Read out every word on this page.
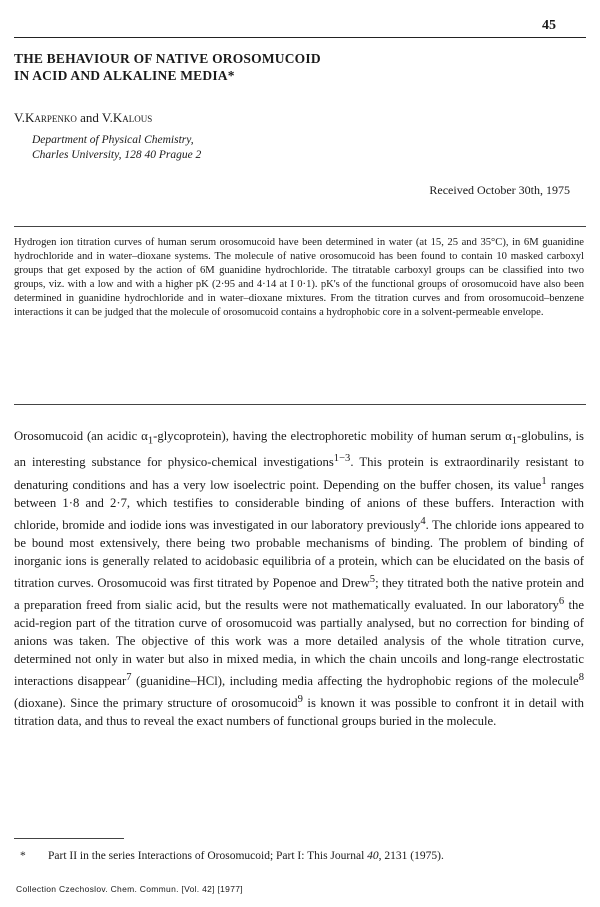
45
THE BEHAVIOUR OF NATIVE OROSOMUCOID
IN ACID AND ALKALINE MEDIA*
V.Karpenko and V.Kalous
Department of Physical Chemistry,
Charles University, 128 40 Prague 2
Received October 30th, 1975

Hydrogen ion titration curves of human serum orosomucoid have been determined in water (at 15, 25 and 35°C), in 6M guanidine hydrochloride and in water–dioxane systems. The molecule of native orosomucoid has been found to contain 10 masked carboxyl groups that get exposed by the action of 6M guanidine hydrochloride. The titratable carboxyl groups can be classified into two groups, viz. with a low and with a higher pK (2·95 and 4·14 at I 0·1). pK's of the functional groups of orosomucoid have also been determined in guanidine hydrochloride and in water–dioxane mixtures. From the titration curves and from orosomucoid–benzene interactions it can be judged that the molecule of orosomucoid contains a hydrophobic core in a solvent-permeable envelope.

Orosomucoid (an acidic $\alpha_1-glycoprotein$), having the electrophoretic mobility of human serum $\alpha_1$-globulins, is an interesting substance for physico-chemical investigations$^{1-3}$. This protein is extraordinarily resistant to denaturing conditions and has a very low isoelectric point. Depending on the buffer chosen, its value$^1$ ranges between 1·8 and 2·7, which testifies to considerable binding of anions of these buffers. Interaction with chloride, bromide and iodide ions was investigated in our laboratory previously$^4$. The chloride ions appeared to be bound most extensively, there being two probable mechanisms of binding. The problem of binding of inorganic ions is generally related to acidobasic equilibria of a protein, which can be elucidated on the basis of titration curves. Orosomucoid was first titrated by Popenoe and Drew$^5$; they titrated both the native protein and a preparation freed from sialic acid, but the results were not mathematically evaluated. In our laboratory$^6$ the acid-region part of the titration curve of orosomucoid was partially analysed, but no correction for binding of anions was taken. The objective of this work was a more detailed analysis of the whole titration curve, determined not only in water but also in mixed media, in which the chain uncoils and long-range electrostatic interactions disappear$^7$ (guanidine–HCl), including media affecting the hydrophobic regions of the molecule$^8$ (dioxane). Since the primary structure of orosomucoid$^9$ is known it was possible to confront it in detail with titration data, and thus to reveal the exact numbers of functional groups buried in the molecule.

* Part II in the series Interactions of Orosomucoid; Part I: This Journal 40, 2131 (1975).
Collection Czechoslov. Chem. Commun. [Vol. 42] [1977]
